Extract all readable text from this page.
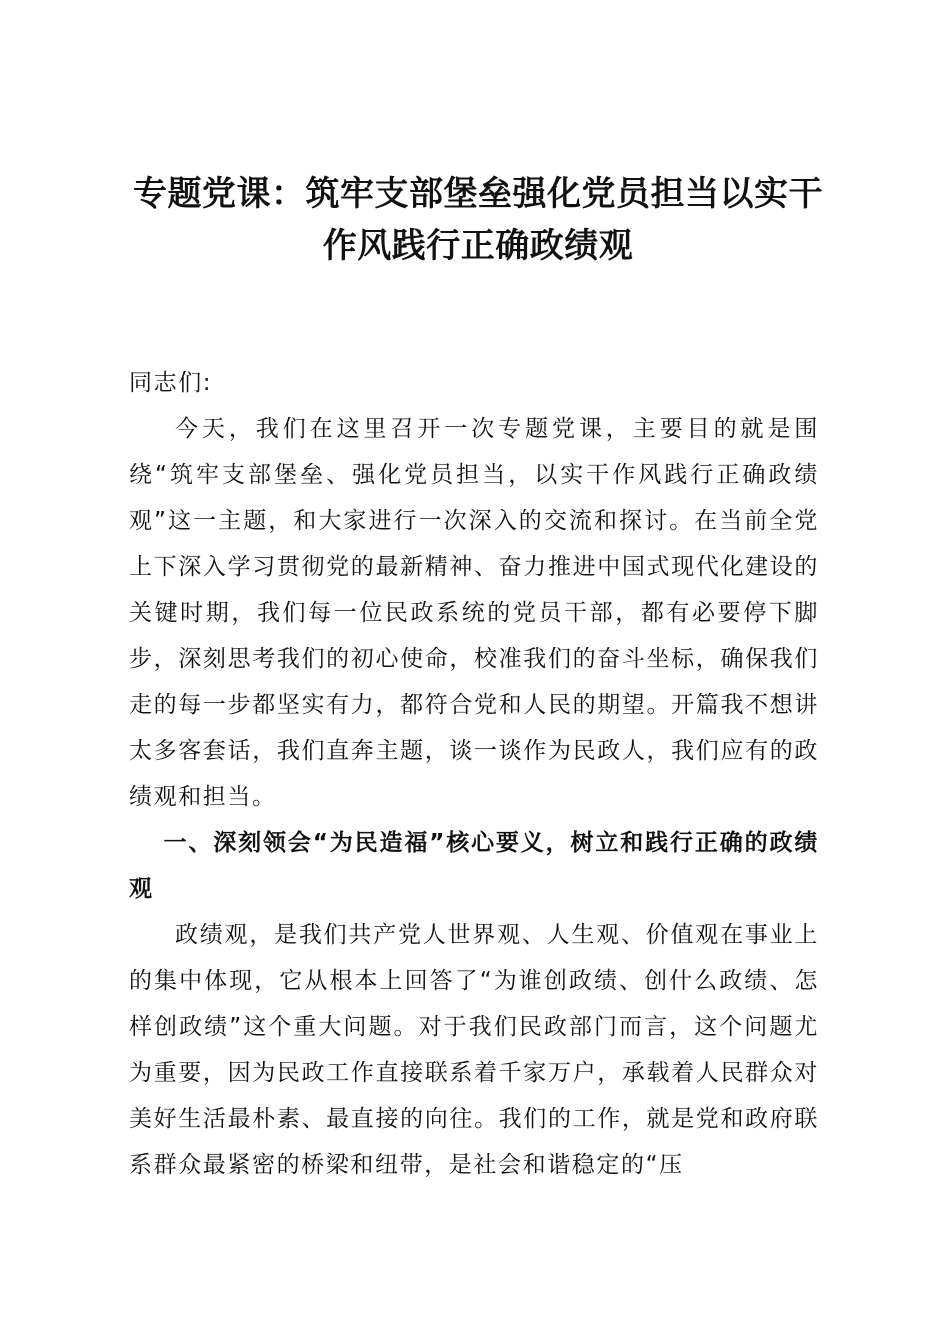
专题党课：筑牢支部堡垒强化党员担当以实干作风践行正确政绩观

同志们:

今天，我们在这里召开一次专题党课，主要目的就是围绕“筑牢支部堡垒、强化党员担当，以实干作风践行正确政绩观”这一主题，和大家进行一次深入的交流和探讨。在当前全党上下深入学习贯彻党的最新精神、奋力推进中国式现代化建设的关键时期，我们每一位民政系统的党员干部，都有必要停下脚步，深刻思考我们的初心使命，校准我们的奋斗坐标，确保我们走的每一步都坚实有力，都符合党和人民的期望。开篇我不想讲太多客套话，我们直奔主题，谈一谈作为民政人，我们应有的政绩观和担当。

一、深刻领会“为民造福”核心要义，树立和践行正确的政绩观

政绩观，是我们共产党人世界观、人生观、价值观在事业上的集中体现，它从根本上回答了“为谁创政绩、创什么政绩、怎样创政绩”这个重大问题。对于我们民政部门而言，这个问题尤为重要，因为民政工作直接联系着千家万户，承载着人民群众对美好生活最朴素、最直接的向往。我们的工作，就是党和政府联系群众最紧密的桥梁和纽带，是社会和谐稳定的“压
